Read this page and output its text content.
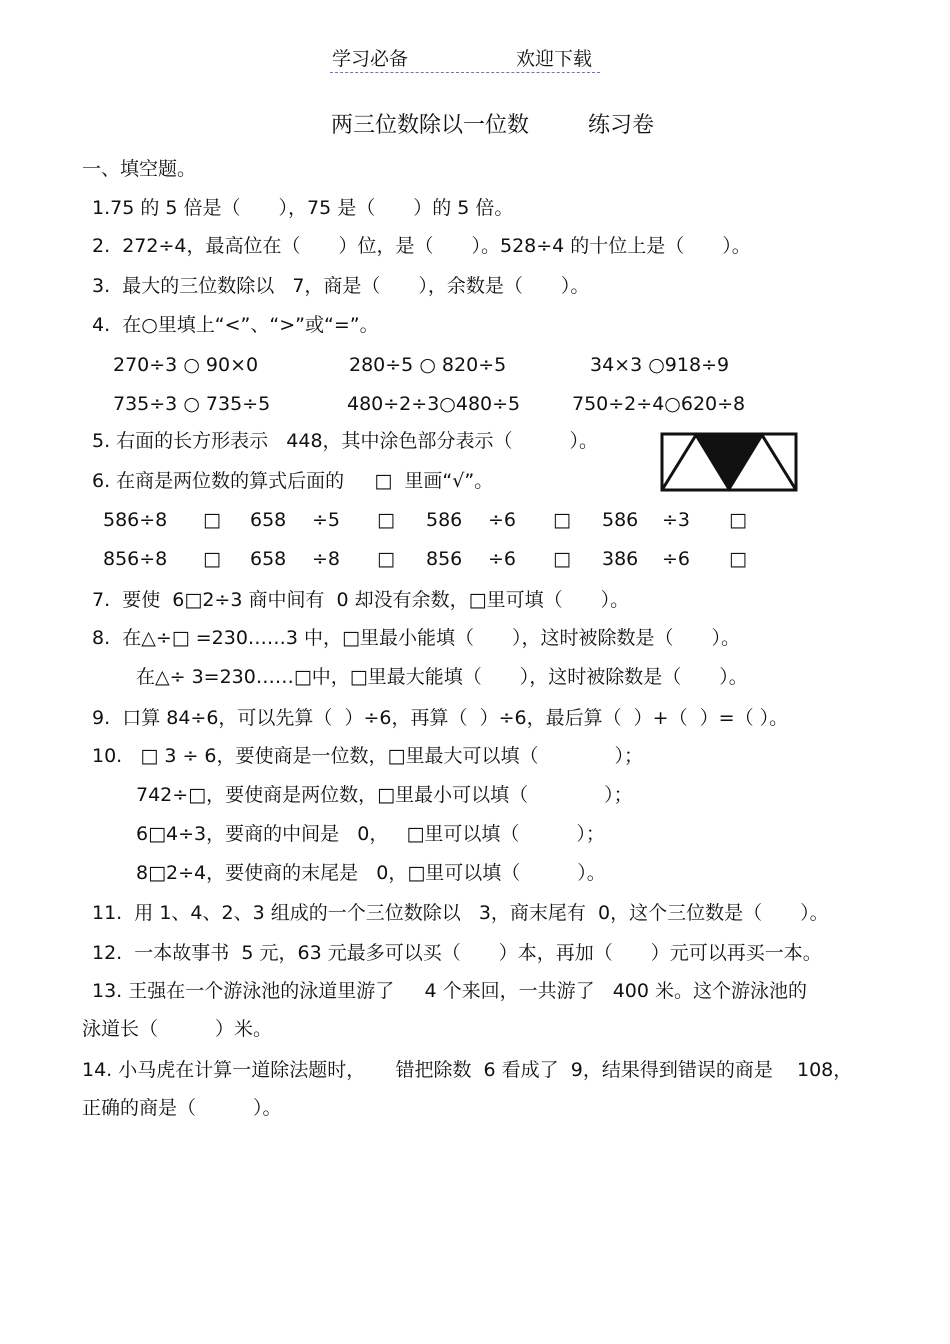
学习必备	欢迎下载
两三位数除以一位数	练习卷
一、填空题。
1.75 的 5 倍是（　　），75 是（　　）的 5 倍。
2.  272÷4，最高位在（　　）位，是（　　）。528÷4 的十位上是（　　）。
3.  最大的三位数除以   7，商是（　　），余数是（　　）。
4.  在○里填上“<”、“>”或“=”。
270÷3 ○ 90×0	280÷5 ○ 820÷5	34×3 ○918÷9
735÷3 ○ 735÷5	480÷2÷3○480÷5	750÷2÷4○620÷8
5. 右面的长方形表示   448，其中涂色部分表示（　　　）。
6. 在商是两位数的算式后面的     □  里画“√”。
586÷8 □ 658 ÷5 □ 586 ÷6 □ 586 ÷3 □
856÷8 □ 658 ÷8 □ 856 ÷6 □ 386 ÷6 □
7.  要使  6□2÷3 商中间有  0 却没有余数，□里可填（　　）。
8.  在△÷□ =230……3 中，□里最小能填（　　），这时被除数是（　　）。
在△÷ 3=230……□中，□里最大能填（　　），这时被除数是（　　）。
9.  口算 84÷6，可以先算（  ）÷6，再算（  ）÷6，最后算（  ）+（  ）=（ ）。
10.   □ 3 ÷ 6，要使商是一位数，□里最大可以填（　　　　）；
742÷□，要使商是两位数，□里最小可以填（　　　　）；
6□4÷3，要商的中间是   0，   □里可以填（　　　）；
8□2÷4，要使商的末尾是   0，□里可以填（　　　）。
11.  用 1、4、2、3 组成的一个三位数除以   3，商末尾有  0，这个三位数是（　　）。
12.  一本故事书  5 元，63 元最多可以买（　　）本，再加（　　）元可以再买一本。
13. 王强在一个游泳池的泳道里游了     4 个来回，一共游了   400 米。这个游泳池的
泳道长（　　　）米。
14. 小马虎在计算一道除法题时，     错把除数  6 看成了  9，结果得到错误的商是    108，
正确的商是（　　　）。
